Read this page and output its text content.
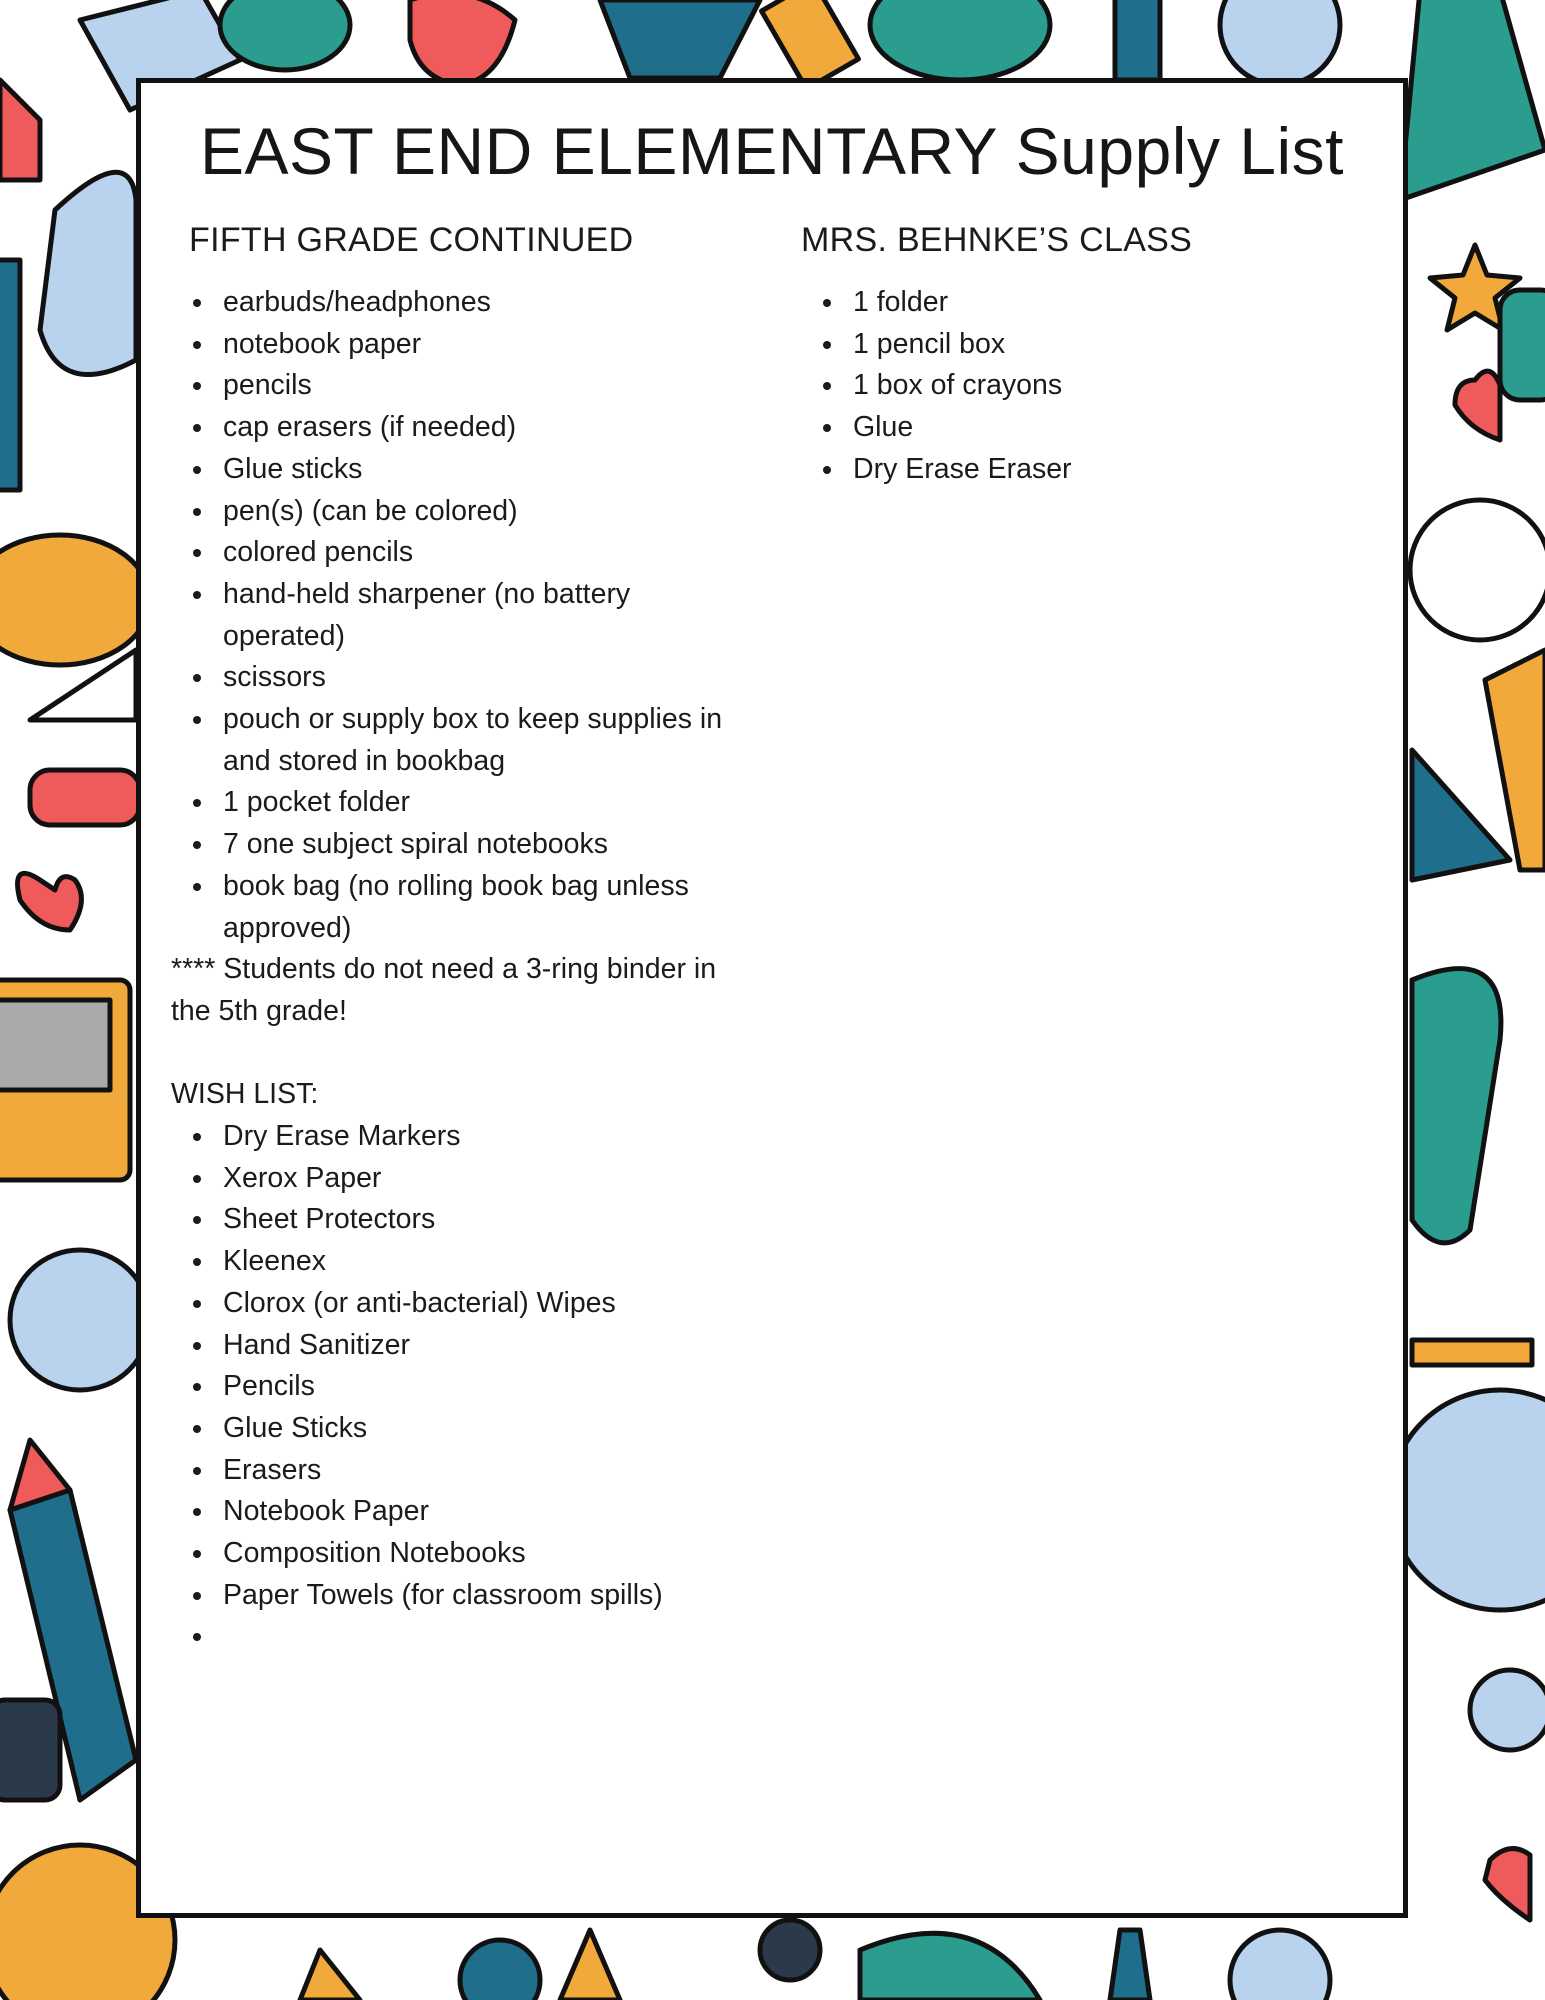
EAST END ELEMENTARY Supply List
FIFTH GRADE CONTINUED
earbuds/headphones
notebook paper
pencils
cap erasers (if needed)
Glue sticks
pen(s) (can be colored)
colored pencils
hand-held sharpener (no battery operated)
scissors
pouch or supply box to keep supplies in and stored in bookbag
1 pocket folder
7 one subject spiral notebooks
book bag (no rolling book bag unless approved)

**** Students do not need a 3-ring binder in the 5th grade!

WISH LIST:

Dry Erase Markers
Xerox Paper
Sheet Protectors
Kleenex
Clorox (or anti-bacterial) Wipes
Hand Sanitizer
Pencils
Glue Sticks
Erasers
Notebook Paper
Composition Notebooks
Paper Towels (for classroom spills)

MRS. BEHNKE’S CLASS
1 folder
1 pencil box
1 box of crayons
Glue
Dry Erase Eraser
